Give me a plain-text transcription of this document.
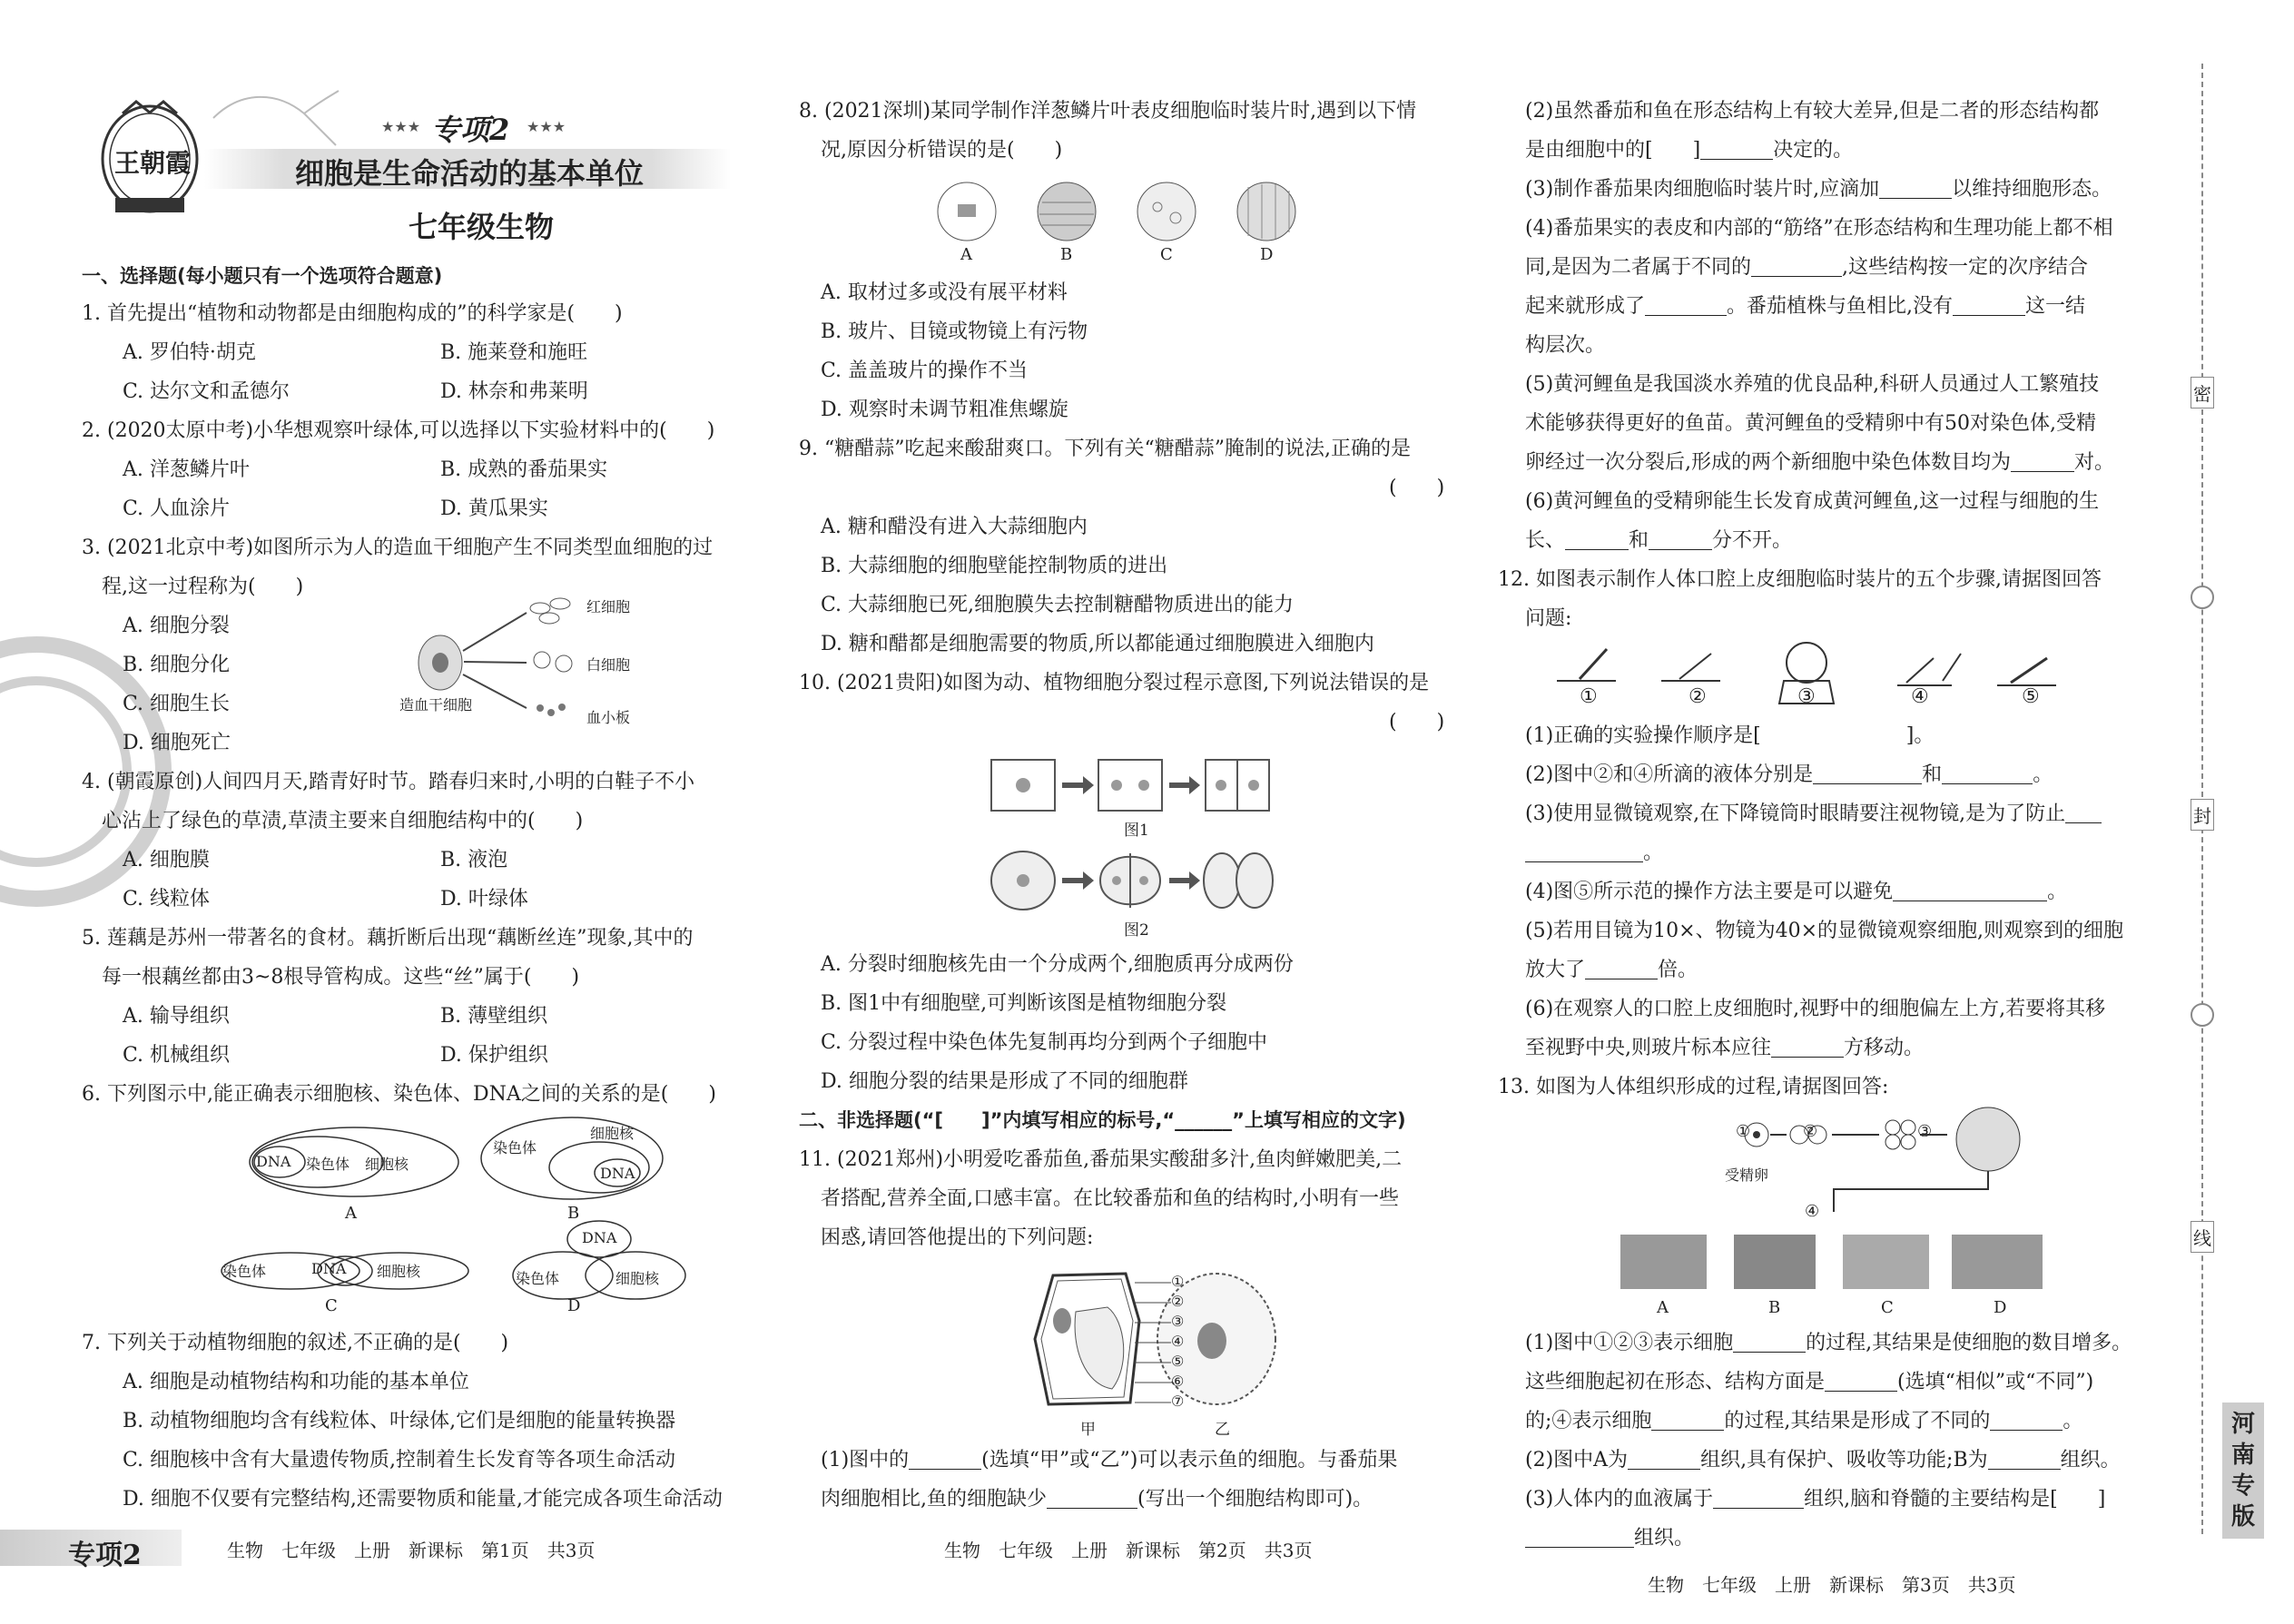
王朝霞
★★★ 专项2 ★★★
细胞是生命活动的基本单位
七年级生物
一、选择题(每小题只有一个选项符合题意)
1. 首先提出“植物和动物都是由细胞构成的”的科学家是(　　)
A. 罗伯特·胡克	B. 施莱登和施旺
C. 达尔文和孟德尔	D. 林奈和弗莱明
2. (2020太原中考)小华想观察叶绿体,可以选择以下实验材料中的(　　)
A. 洋葱鳞片叶	B. 成熟的番茄果实
C. 人血涂片	D. 黄瓜果实
3. (2021北京中考)如图所示为人的造血干细胞产生不同类型血细胞的过
程,这一过程称为(　　)
A. 细胞分裂
B. 细胞分化
C. 细胞生长
D. 细胞死亡
红细胞
白细胞
血小板
造血干细胞
4. (朝霞原创)人间四月天,踏青好时节。踏春归来时,小明的白鞋子不小
心沾上了绿色的草渍,草渍主要来自细胞结构中的(　　)
A. 细胞膜	B. 液泡
C. 线粒体	D. 叶绿体
5. 莲藕是苏州一带著名的食材。藕折断后出现“藕断丝连”现象,其中的
每一根藕丝都由3~8根导管构成。这些“丝”属于(　　)
A. 输导组织	B. 薄壁组织
C. 机械组织	D. 保护组织
6. 下列图示中,能正确表示细胞核、染色体、DNA之间的关系的是(　　)
DNA 染色体 细胞核
A
染色体
细胞核
DNA
B
染色体	DNA 细胞核
C
DNA
染色体	细胞核
D
7. 下列关于动植物细胞的叙述,不正确的是(　　)
A. 细胞是动植物结构和功能的基本单位
B. 动植物细胞均含有线粒体、叶绿体,它们是细胞的能量转换器
C. 细胞核中含有大量遗传物质,控制着生长发育等各项生命活动
D. 细胞不仅要有完整结构,还需要物质和能量,才能完成各项生命活动
8. (2021深圳)某同学制作洋葱鳞片叶表皮细胞临时装片时,遇到以下情
况,原因分析错误的是(　　)
A	B	C	D
A. 取材过多或没有展平材料
B. 玻片、目镜或物镜上有污物
C. 盖盖玻片的操作不当
D. 观察时未调节粗准焦螺旋
9. “糖醋蒜”吃起来酸甜爽口。下列有关“糖醋蒜”腌制的说法,正确的是
(　　)
A. 糖和醋没有进入大蒜细胞内
B. 大蒜细胞的细胞壁能控制物质的进出
C. 大蒜细胞已死,细胞膜失去控制糖醋物质进出的能力
D. 糖和醋都是细胞需要的物质,所以都能通过细胞膜进入细胞内
10. (2021贵阳)如图为动、植物细胞分裂过程示意图,下列说法错误的是
(　　)
图1
图2
A. 分裂时细胞核先由一个分成两个,细胞质再分成两份
B. 图1中有细胞壁,可判断该图是植物细胞分裂
C. 分裂过程中染色体先复制再均分到两个子细胞中
D. 细胞分裂的结果是形成了不同的细胞群
二、非选择题(“[　　]”内填写相应的标号,“______”上填写相应的文字)
11. (2021郑州)小明爱吃番茄鱼,番茄果实酸甜多汁,鱼肉鲜嫩肥美,二
者搭配,营养全面,口感丰富。在比较番茄和鱼的结构时,小明有一些
困惑,请回答他提出的下列问题:
①
②
③
④
⑤
⑥
⑦
甲	乙
(1)图中的	(选填“甲”或“乙”)可以表示鱼的细胞。与番茄果
肉细胞相比,鱼的细胞缺少	(写出一个细胞结构即可)。
(2)虽然番茄和鱼在形态结构上有较大差异,但是二者的形态结构都
是由细胞中的[　　]	决定的。
(3)制作番茄果肉细胞临时装片时,应滴加	以维持细胞形态。
(4)番茄果实的表皮和内部的“筋络”在形态结构和生理功能上都不相
同,是因为二者属于不同的	,这些结构按一定的次序结合
起来就形成了	。番茄植株与鱼相比,没有	这一结
构层次。
(5)黄河鲤鱼是我国淡水养殖的优良品种,科研人员通过人工繁殖技
术能够获得更好的鱼苗。黄河鲤鱼的受精卵中有50对染色体,受精
卵经过一次分裂后,形成的两个新细胞中染色体数目均为	对。
(6)黄河鲤鱼的受精卵能生长发育成黄河鲤鱼,这一过程与细胞的生
长、	和	分不开。
12. 如图表示制作人体口腔上皮细胞临时装片的五个步骤,请据图回答
问题:
①	②	③	④	⑤
(1)正确的实验操作顺序是[	]。
(2)图中②和④所滴的液体分别是	和	。
(3)使用显微镜观察,在下降镜筒时眼睛要注视物镜,是为了防止
。
(4)图⑤所示范的操作方法主要是可以避免	。
(5)若用目镜为10×、物镜为40×的显微镜观察细胞,则观察到的细胞
放大了	倍。
(6)在观察人的口腔上皮细胞时,视野中的细胞偏左上方,若要将其移
至视野中央,则玻片标本应往	方移动。
13. 如图为人体组织形成的过程,请据图回答:
②	③
①
④
受精卵
A	B	C	D
(1)图中①②③表示细胞	的过程,其结果是使细胞的数目增多。
这些细胞起初在形态、结构方面是	(选填“相似”或“不同”)
的;④表示细胞	的过程,其结果是形成了不同的	。
(2)图中A为	组织,具有保护、吸收等功能;B为	组织。
(3)人体内的血液属于	组织,脑和脊髓的主要结构是[　　]
组织。
专项2	生物　七年级　上册　新课标　第1页　共3页	生物　七年级　上册　新课标　第2页　共3页
生物　七年级　上册　新课标　第3页　共3页
密
封
线
河南专版
